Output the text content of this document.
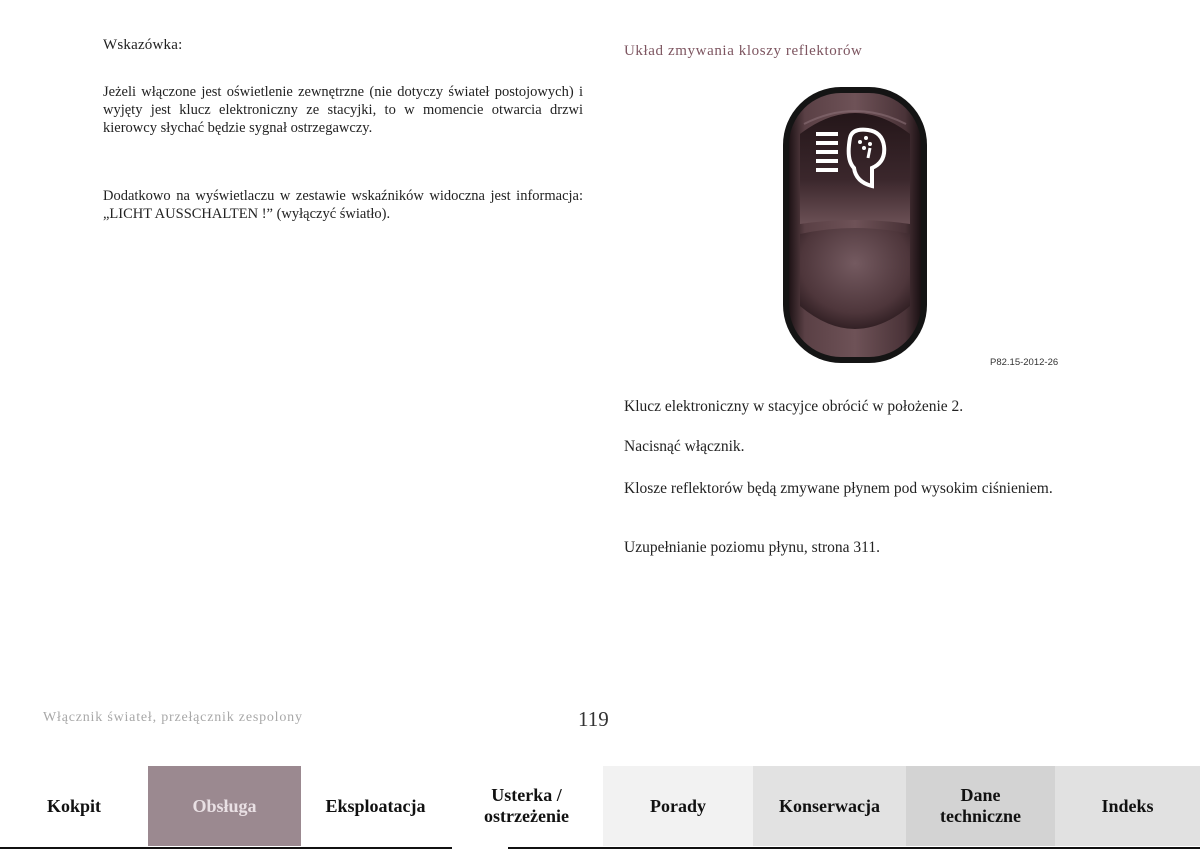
Wskazówka:
Jeżeli włączone jest oświetlenie zewnętrzne (nie dotyczy świateł postojowych) i wyjęty jest klucz elektroniczny ze stacyjki, to w momencie otwarcia drzwi kierowcy słychać będzie sygnał ostrzegawczy.
Dodatkowo na wyświetlaczu w zestawie wskaźników widoczna jest informacja: „LICHT AUSSCHALTEN !” (wyłączyć światło).
Układ zmywania kloszy reflektorów
P82.15-2012-26
Klucz elektroniczny w stacyjce obrócić w położenie 2.
Nacisnąć włącznik.
Klosze reflektorów będą zmywane płynem pod wysokim ciśnieniem.
Uzupełnianie poziomu płynu, strona 311.
Włącznik świateł, przełącznik zespolony	119
Kokpit	Obsługa	Eksploatacja
Usterka / ostrzeżenie
Porady	Konserwacja
Dane techniczne
Indeks
